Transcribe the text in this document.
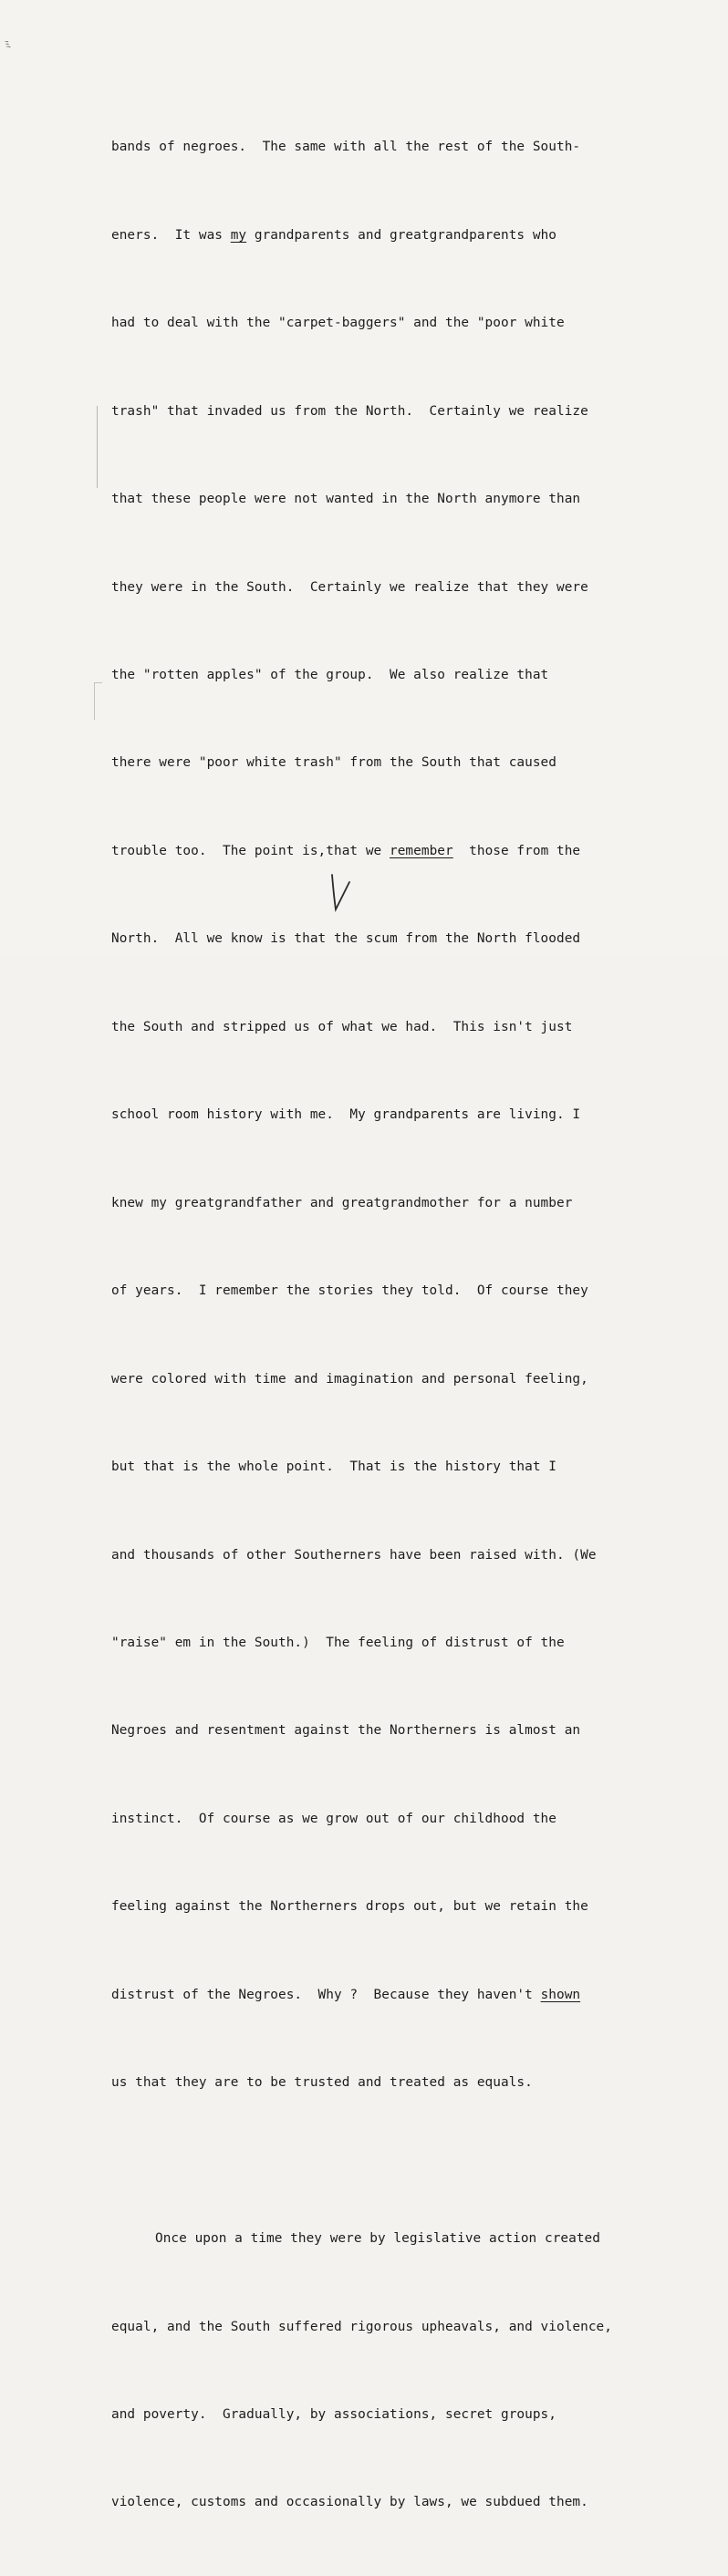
ﾐ

bands of negroes.  The same with all the rest of the South-

eners.  It was my grandparents and greatgrandparents who

had to deal with the "carpet-baggers" and the "poor white

trash" that invaded us from the North.  Certainly we realize

that these people were not wanted in the North anymore than

they were in the South.  Certainly we realize that they were

the "rotten apples" of the group.  We also realize that

there were "poor white trash" from the South that caused

trouble too.  The point is,that we remember  those from the

North.  All we know is that the scum from the North flooded

the South and stripped us of what we had.  This isn't just

school room history with me.  My grandparents are living. I

knew my greatgrandfather and greatgrandmother for a number

of years.  I remember the stories they told.  Of course they

were colored with time and imagination and personal feeling,

but that is the whole point.  That is the history that I

and thousands of other Southerners have been raised with. (We

"raise" em in the South.)  The feeling of distrust of the

Negroes and resentment against the Northerners is almost an

instinct.  Of course as we grow out of our childhood the

feeling against the Northerners drops out, but we retain the

distrust of the Negroes.  Why ?  Because they haven't shown

us that they are to be trusted and treated as equals.

Once upon a time they were by legislative action created

equal, and the South suffered rigorous upheavals, and violence,

and poverty.  Gradually, by associations, secret groups,

violence, customs and occasionally by laws, we subdued them.
